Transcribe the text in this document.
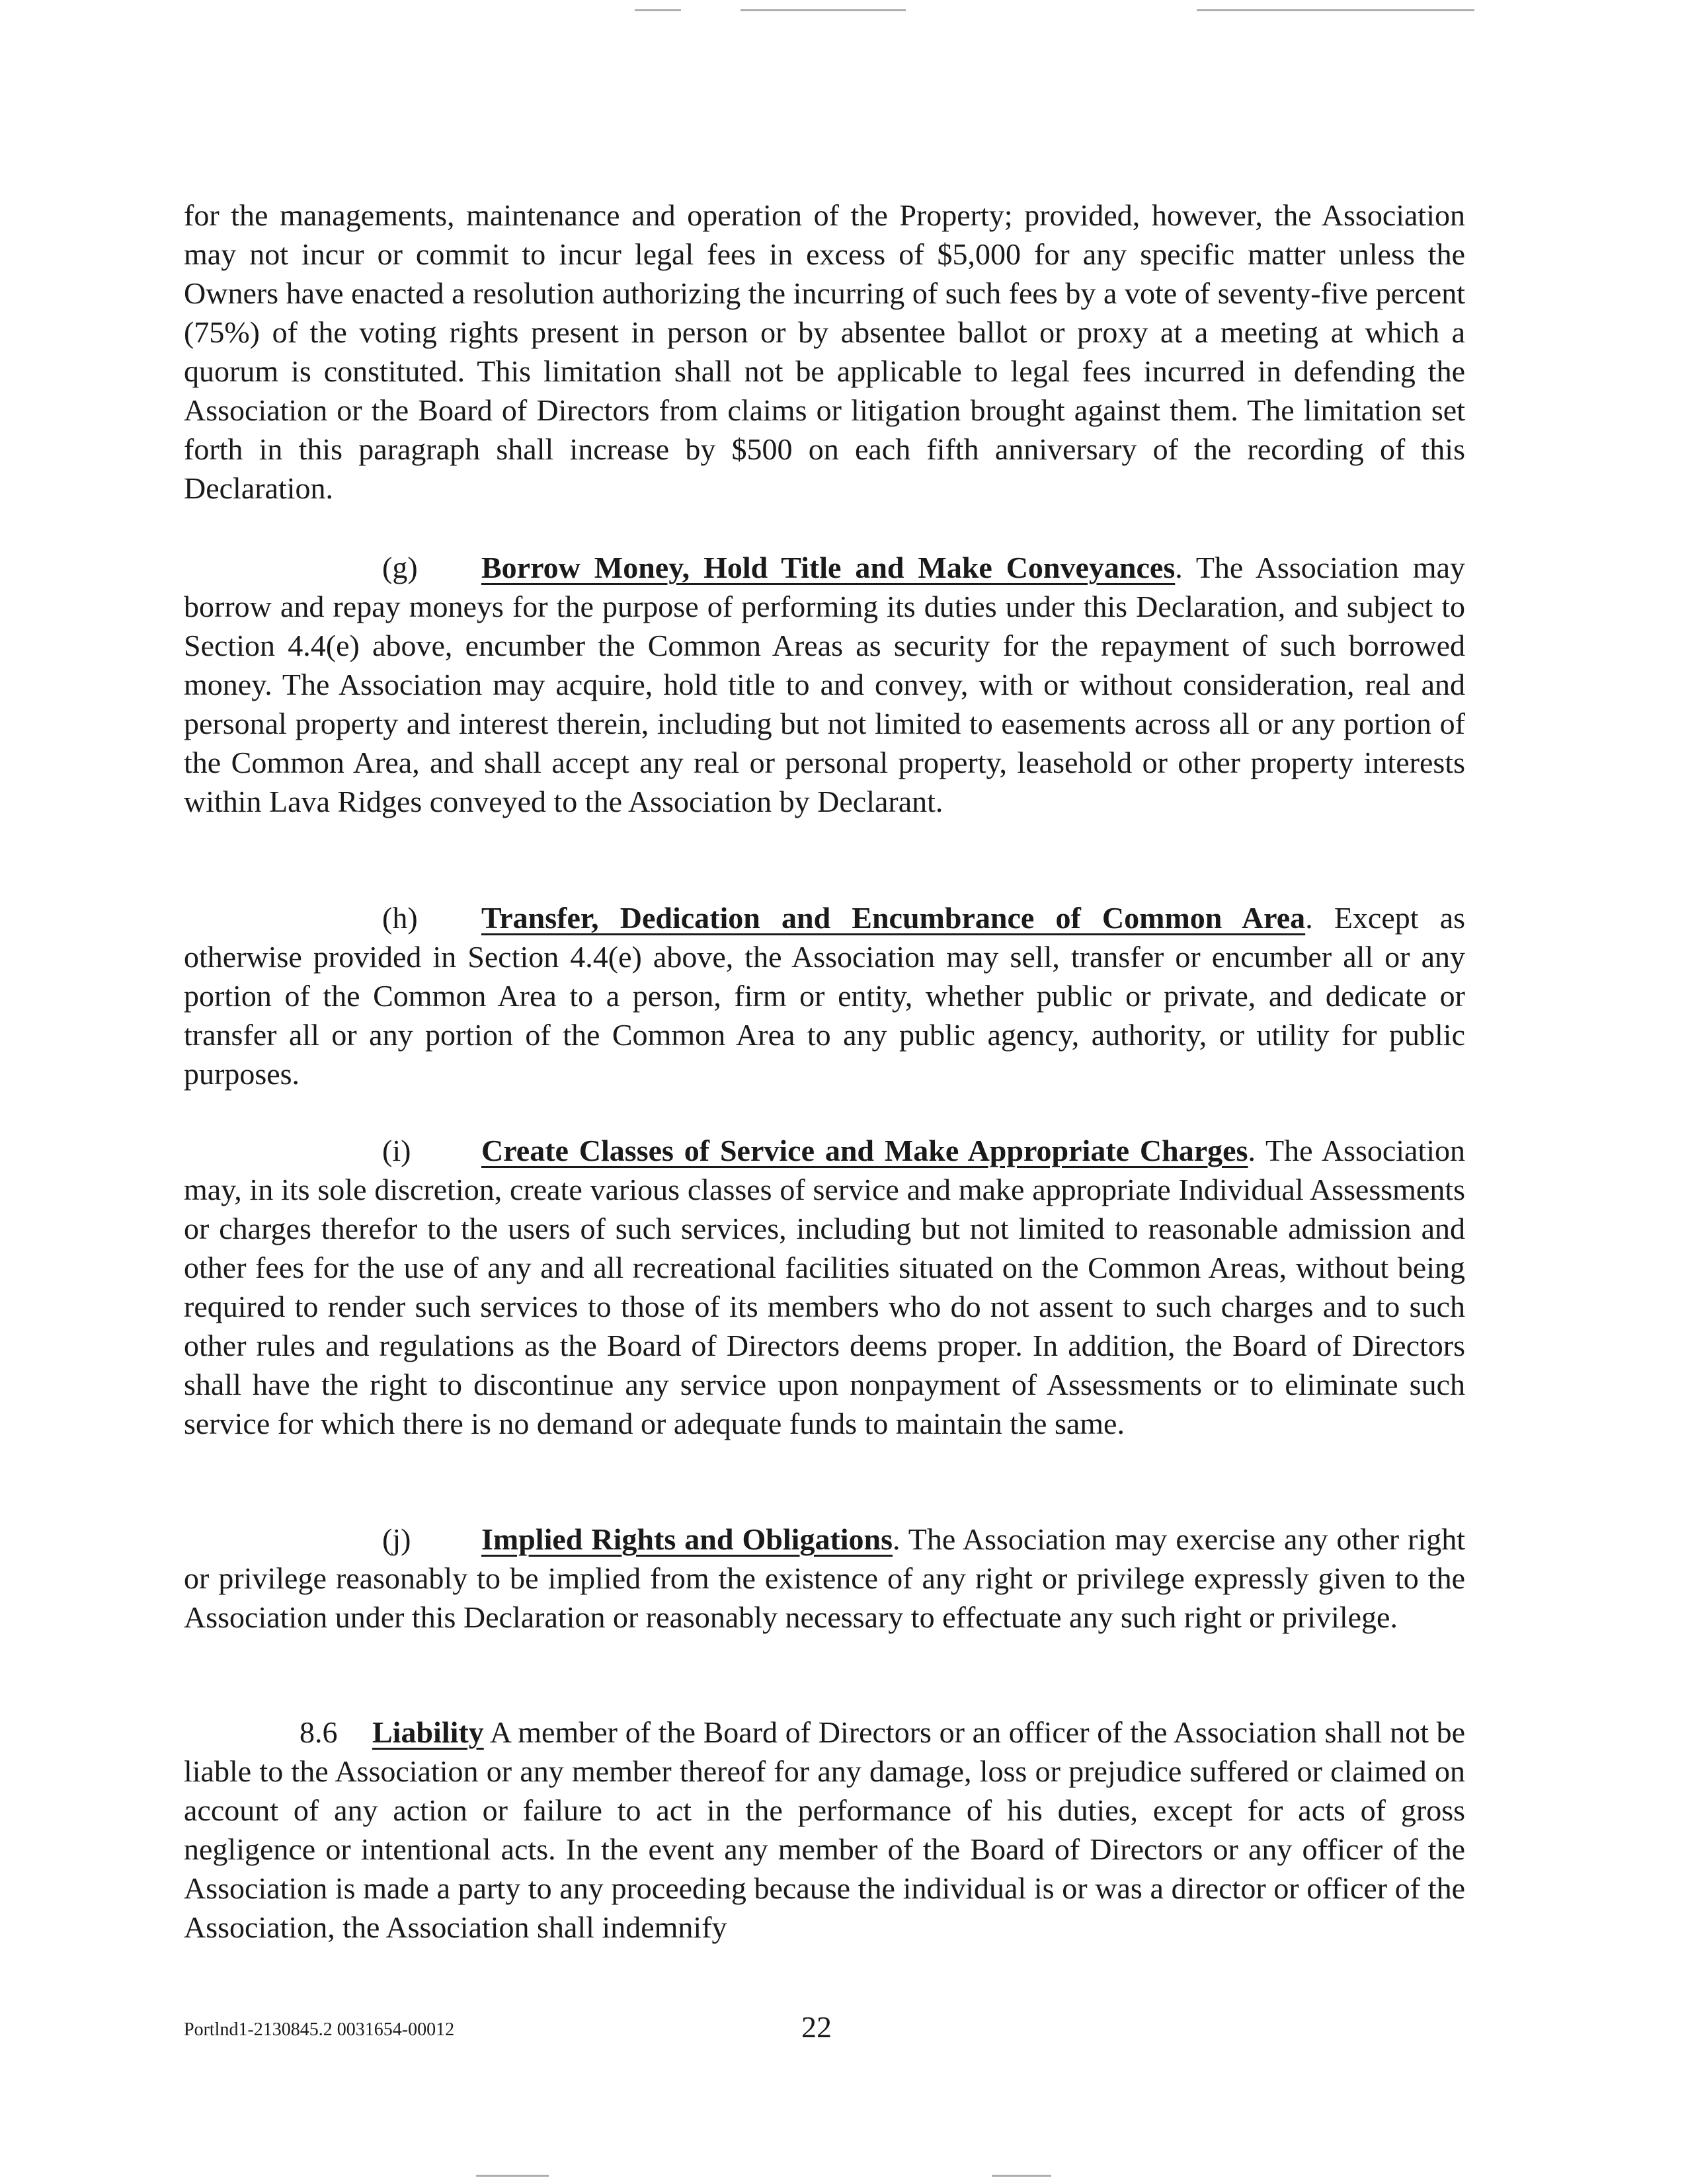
for the managements, maintenance and operation of the Property; provided, however, the Association may not incur or commit to incur legal fees in excess of $5,000 for any specific matter unless the Owners have enacted a resolution authorizing the incurring of such fees by a vote of seventy-five percent (75%) of the voting rights present in person or by absentee ballot or proxy at a meeting at which a quorum is constituted. This limitation shall not be applicable to legal fees incurred in defending the Association or the Board of Directors from claims or litigation brought against them. The limitation set forth in this paragraph shall increase by $500 on each fifth anniversary of the recording of this Declaration.

(g) Borrow Money, Hold Title and Make Conveyances. The Association may borrow and repay moneys for the purpose of performing its duties under this Declaration, and subject to Section 4.4(e) above, encumber the Common Areas as security for the repayment of such borrowed money. The Association may acquire, hold title to and convey, with or without consideration, real and personal property and interest therein, including but not limited to easements across all or any portion of the Common Area, and shall accept any real or personal property, leasehold or other property interests within Lava Ridges conveyed to the Association by Declarant.

(h) Transfer, Dedication and Encumbrance of Common Area. Except as otherwise provided in Section 4.4(e) above, the Association may sell, transfer or encumber all or any portion of the Common Area to a person, firm or entity, whether public or private, and dedicate or transfer all or any portion of the Common Area to any public agency, authority, or utility for public purposes.

(i) Create Classes of Service and Make Appropriate Charges. The Association may, in its sole discretion, create various classes of service and make appropriate Individual Assessments or charges therefor to the users of such services, including but not limited to reasonable admission and other fees for the use of any and all recreational facilities situated on the Common Areas, without being required to render such services to those of its members who do not assent to such charges and to such other rules and regulations as the Board of Directors deems proper. In addition, the Board of Directors shall have the right to discontinue any service upon nonpayment of Assessments or to eliminate such service for which there is no demand or adequate funds to maintain the same.

(j) Implied Rights and Obligations. The Association may exercise any other right or privilege reasonably to be implied from the existence of any right or privilege expressly given to the Association under this Declaration or reasonably necessary to effectuate any such right or privilege.

8.6 Liability A member of the Board of Directors or an officer of the Association shall not be liable to the Association or any member thereof for any damage, loss or prejudice suffered or claimed on account of any action or failure to act in the performance of his duties, except for acts of gross negligence or intentional acts. In the event any member of the Board of Directors or any officer of the Association is made a party to any proceeding because the individual is or was a director or officer of the Association, the Association shall indemnify

Portlnd1-2130845.2 0031654-00012	22
